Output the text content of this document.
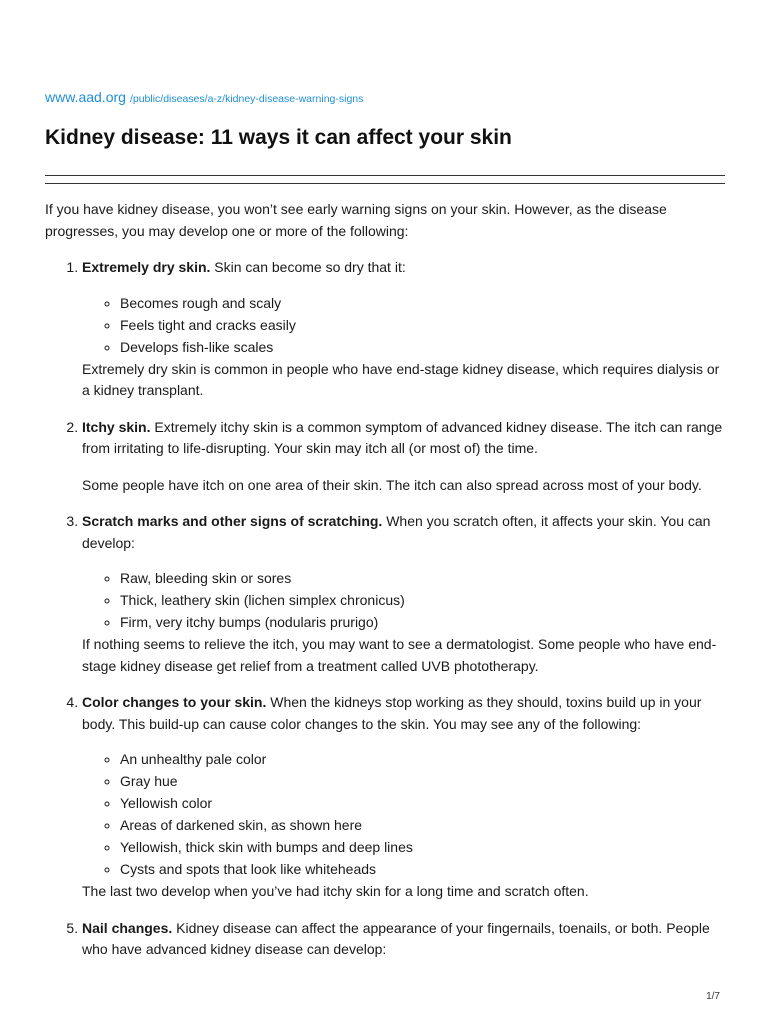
www.aad.org /public/diseases/a-z/kidney-disease-warning-signs
Kidney disease: 11 ways it can affect your skin

If you have kidney disease, you won’t see early warning signs on your skin. However, as the disease progresses, you may develop one or more of the following:

1. Extremely dry skin. Skin can become so dry that it:
◦ Becomes rough and scaly
◦ Feels tight and cracks easily
◦ Develops fish-like scales

Extremely dry skin is common in people who have end-stage kidney disease, which requires dialysis or a kidney transplant.

2. Itchy skin. Extremely itchy skin is a common symptom of advanced kidney disease. The itch can range from irritating to life-disrupting. Your skin may itch all (or most of) the time.

Some people have itch on one area of their skin. The itch can also spread across most of your body.

3. Scratch marks and other signs of scratching. When you scratch often, it affects your skin. You can develop:
◦ Raw, bleeding skin or sores
◦ Thick, leathery skin (lichen simplex chronicus)
◦ Firm, very itchy bumps (nodularis prurigo)

If nothing seems to relieve the itch, you may want to see a dermatologist. Some people who have end-stage kidney disease get relief from a treatment called UVB phototherapy.

4. Color changes to your skin. When the kidneys stop working as they should, toxins build up in your body. This build-up can cause color changes to the skin. You may see any of the following:
◦ An unhealthy pale color
◦ Gray hue
◦ Yellowish color
◦ Areas of darkened skin, as shown here
◦ Yellowish, thick skin with bumps and deep lines
◦ Cysts and spots that look like whiteheads

The last two develop when you’ve had itchy skin for a long time and scratch often.

5. Nail changes. Kidney disease can affect the appearance of your fingernails, toenails, or both. People who have advanced kidney disease can develop:
1/7
